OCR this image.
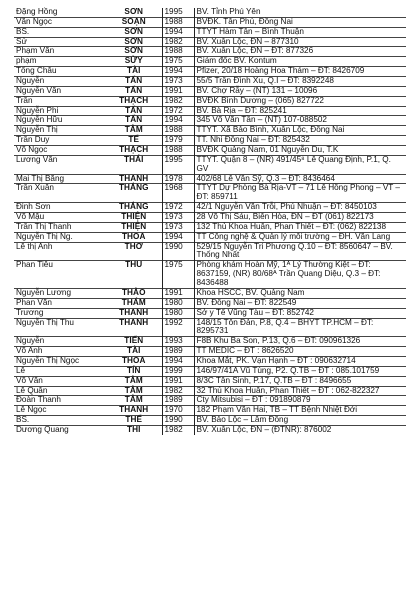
Đặng Hồng	SƠN	1995	BV. Tỉnh Phú Yên
Văn Ngọc	SOẠN	1988	BVĐK. Tân Phú, Đồng Nai
BS.	SƠN	1994	TTYT Hàm Tân – Bình Thuận
Sử	SƠN	1982	BV. Xuân Lộc, ĐN – 877310
Phạm Văn	SƠN	1988	BV. Xuân Lộc, ĐN – ĐT: 877326
phạm	SỬY	1975	Giám đốc BV. Kontum
Tống Châu	TÀI	1994	Pfizer, 20/18 Hoàng Hoa Thám – ĐT: 8426709
Nguyễn	TẤN	1973	55/5 Trần Đình Xu, Q.I – ĐT: 8392248
Nguyễn Văn	TẤN	1991	BV. Chợ Rẫy – (NT) 131 – 10096
Trần	THẠCH	1982	BVĐK Bình Dương – (065) 827722
Nguyễn Phi	TẤN	1972	BV. Bà Rịa – ĐT: 825241
Nguyễn Hữu	TẤN	1994	345 Võ Văn Tần – (NT) 107-088502
Nguyễn Thị	TÂM	1988	TTYT. Xã Bảo Bình, Xuân Lộc, Đồng Nai
Trần Duy	TẾ	1979	TT. Nhi Đồng Nai – ĐT: 825432
Võ Ngọc	THẠCH	1988	BVĐK Quảng Nam, 01 Nguyễn Du, T.K
Lương Văn	THÁI	1995	TTYT. Quận 8 – (NR) 491/45⁸ Lê Quang Định, P.1, Q. GV
Mai Thị Băng	THANH	1978	402/68 Lê Văn Sỹ, Q.3 – ĐT: 8436464
Trần Xuân	THẮNG	1968	TTYT Dự Phòng Bà Rịa-VT – 71 Lê Hồng Phong – VT – ĐT: 859711
Đinh Sơn	THẮNG	1972	42/1 Nguyễn Văn Trỗi, Phú Nhuận – ĐT: 8450103
Võ Mậu	THIỆN	1973	28 Võ Thị Sáu, Biên Hòa, ĐN – ĐT (061) 822173
Trần Thị Thanh	THIỆN	1973	132 Thủ Khoa Huân, Phan Thiết – ĐT: (062) 822138
Nguyễn Thị Ng.	THOA	1994	TT Công nghệ & Quản lý môi trường – ĐH. Văn Lang
Lê thị Anh	THƠ	1990	529/15 Nguyễn Tri Phương Q.10 – ĐT: 8560647 – BV. Thống Nhất
Phan Tiêu	THU	1975	Phòng khám Hoàn Mỹ, 1ᴬ Lý Thường Kiệt – ĐT: 8637159, (NR) 80/68ᴬ Trần Quang Diệu, Q.3 – ĐT: 8436488
Nguyễn Lương	THẢO	1991	Khoa HSCC, BV. Quảng Nam
Phan Văn	THÁM	1980	BV. Đồng Nai – ĐT: 822549
Trương	THANH	1980	Sở y Tế Vũng Tàu – ĐT: 852742
Nguyễn Thị Thu	THANH	1992	148/15 Tôn Đản, P.8, Q.4 – BHYT TP.HCM – ĐT: 8295731
Nguyễn	TIẾN	1993	F8B Khu Ba Son, P.13, Q.6 – ĐT: 090961326
Võ Anh	TÀI	1989	TT MEDIC – ĐT : 8626520
Nguyễn Thị Ngọc	THOA	1994	Khoa Mắt, PK. Vạn Hạnh – ĐT : 090632714
Lê	TÍN	1999	146/97/41A Vũ Tùng, P2. Q.TB – ĐT : 085.101759
Võ Văn	TÂM	1991	8/3C Tân Sinh, P.17, Q.TB – ĐT : 8496655
Lê Quân	TÂM	1982	32 Thủ Khoa Huân, Phan Thiết – ĐT : 062-822327
Đoàn Thanh	TÂM	1989	Cty Mitsubisi – ĐT : 091890879
Lê Ngọc	THANH	1970	182 Phạm Văn Hai, TB – TT Bệnh Nhiệt Đới
BS.	THẾ	1990	BV. Bảo Lộc – Lâm Đồng
Dương Quang	THI	1982	BV. Xuân Lộc, ĐN – (ĐTNR): 876002
